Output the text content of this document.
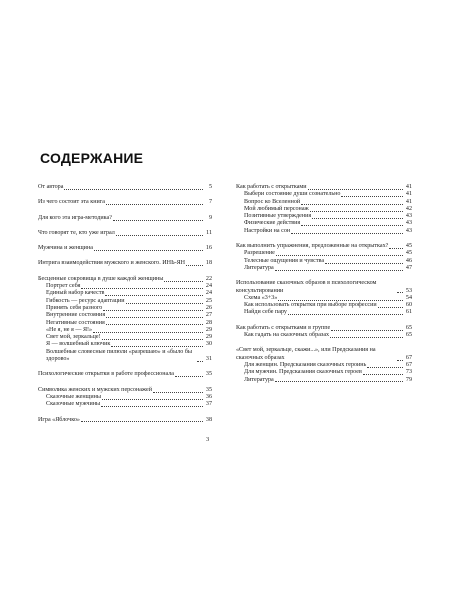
СОДЕРЖАНИЕ
От автора	5
Из чего состоит эта книга	7
Для кого эта игра-методика?	9
Что говорят те, кто уже играл	11
Мужчина и женщина	16
Интрига взаимодействия мужского и женского. ИНЬ-ЯН	18
Бесценные сокровища в душе каждой женщины	22
Портрет себя	24
Единый набор качеств	24
Гибкость — ресурс адаптации	25
Принять себя разного	26
Внутренние состояния	27
Негативные состояния	28
«Не я, не я — Я!»	29
Свет мой, зеркальце!	29
Я — волшебный ключик	30
Волшебные словесные пилюли «разрешаю» и «было бы здорово»	31
Психологические открытки в работе профессионала	35
Символика женских и мужских персонажей	35
Сказочные женщины	36
Сказочные мужчины	37
Игра «Яблочко»	38
Как работать с открытками	41
Выбери состояние души сознательно	41
Вопрос ко Вселенной	41
Мой любимый персонаж	42
Позитивные утверждения	43
Физические действия	43
Настройки на сон	43
Как выполнить упражнения, предложенные на открытках?	45
Разрешение	45
Телесные ощущения и чувства	46
Литература	47
Использование сказочных образов в психологическом консультировании	53
Схема «3+3»	54
Как использовать открытки при выборе профессии	60
Найди себе пару	61
Как работать с открытками в группе	65
Как гадать на сказочных образах	65
«Свет мой, зеркальце, скажи...», или Предсказания на сказочных образах	67
Для женщин. Предсказания сказочных героинь	67
Для мужчин. Предсказания сказочных героев	73
Литература	79
3
